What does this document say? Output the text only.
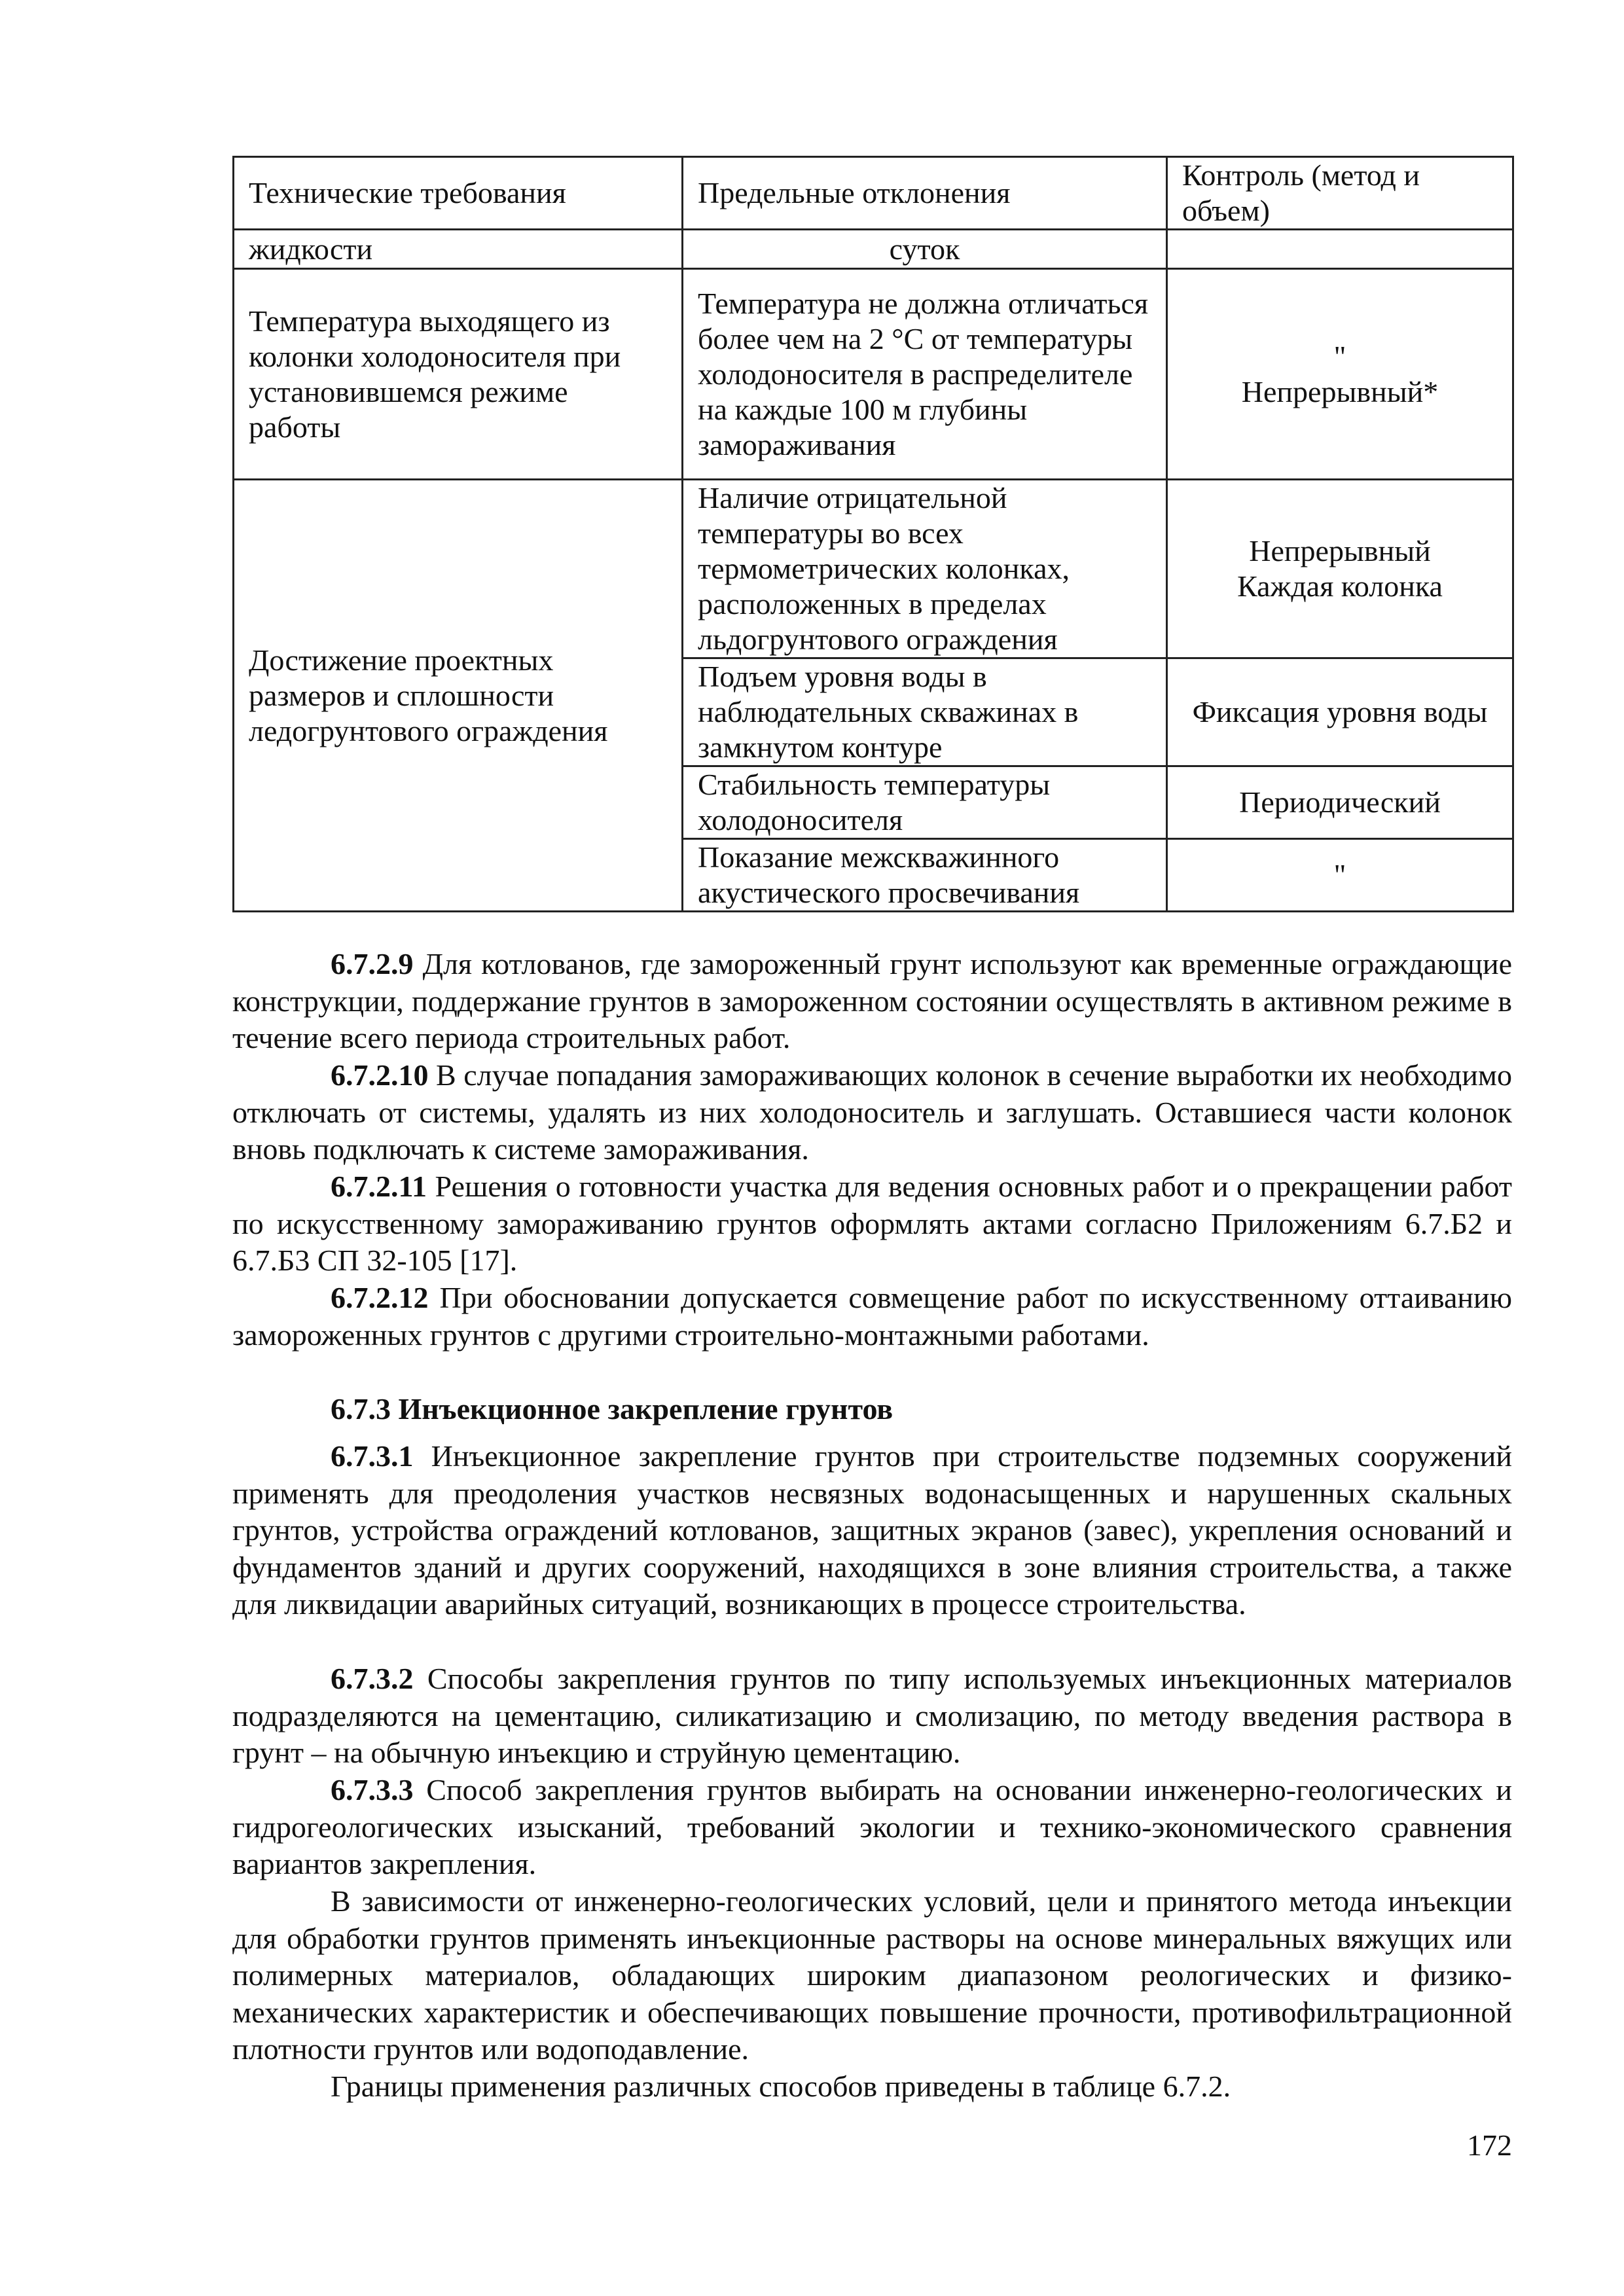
Технические требования	Предельные отклонения	Контроль (метод и объем)
жидкости	суток	
Температура выходящего из колонки холодоносителя при установившемся режиме работы	Температура не должна отличаться более чем на 2 °С от температуры холодоносителя в распределителе на каждые 100 м глубины замораживания	"
Непрерывный*

Достижение проектных размеров и сплошности ледогрунтового ограждения	Наличие отрицательной температуры во всех термометрических колонках, расположенных в пределах льдогрунтового ограждения	Непрерывный
Каждая колонка

	Подъем уровня воды в наблюдательных скважинах в замкнутом контуре	Фиксация уровня воды
	Стабильность температуры холодоносителя	Периодический
	Показание межскважинного акустического просвечивания	"

6.7.2.9 Для котлованов, где замороженный грунт используют как временные ограждающие конструкции, поддержание грунтов в замороженном состоянии осуществлять в активном режиме в течение всего периода строительных работ.

6.7.2.10 В случае попадания замораживающих колонок в сечение выработки их необходимо отключать от системы, удалять из них холодоноситель и заглушать. Оставшиеся части колонок вновь подключать к системе замораживания.

6.7.2.11 Решения о готовности участка для ведения основных работ и о прекращении работ по искусственному замораживанию грунтов оформлять актами согласно Приложениям 6.7.Б2 и 6.7.Б3 СП 32-105 [17].

6.7.2.12 При обосновании допускается совмещение работ по искусственному оттаиванию замороженных грунтов с другими строительно-монтажными работами.

6.7.3 Инъекционное закрепление грунтов

6.7.3.1 Инъекционное закрепление грунтов при строительстве подземных сооружений применять для преодоления участков несвязных водонасыщенных и нарушенных скальных грунтов, устройства ограждений котлованов, защитных экранов (завес), укрепления оснований и фундаментов зданий и других сооружений, находящихся в зоне влияния строительства, а также для ликвидации аварийных ситуаций, возникающих в процессе строительства.

6.7.3.2 Способы закрепления грунтов по типу используемых инъекционных материалов подразделяются на цементацию, силикатизацию и смолизацию, по методу введения раствора в грунт – на обычную инъекцию и струйную цементацию.

6.7.3.3 Способ закрепления грунтов выбирать на основании инженерно-геологических и гидрогеологических изысканий, требований экологии и технико-экономического сравнения вариантов закрепления.

В зависимости от инженерно-геологических условий, цели и принятого метода инъекции для обработки грунтов применять инъекционные растворы на основе минеральных вяжущих или полимерных материалов, обладающих широким диапазоном реологических и физико-механических характеристик и обеспечивающих повышение прочности, противофильтрационной плотности грунтов или водоподавление.

Границы применения различных способов приведены в таблице 6.7.2.

172
